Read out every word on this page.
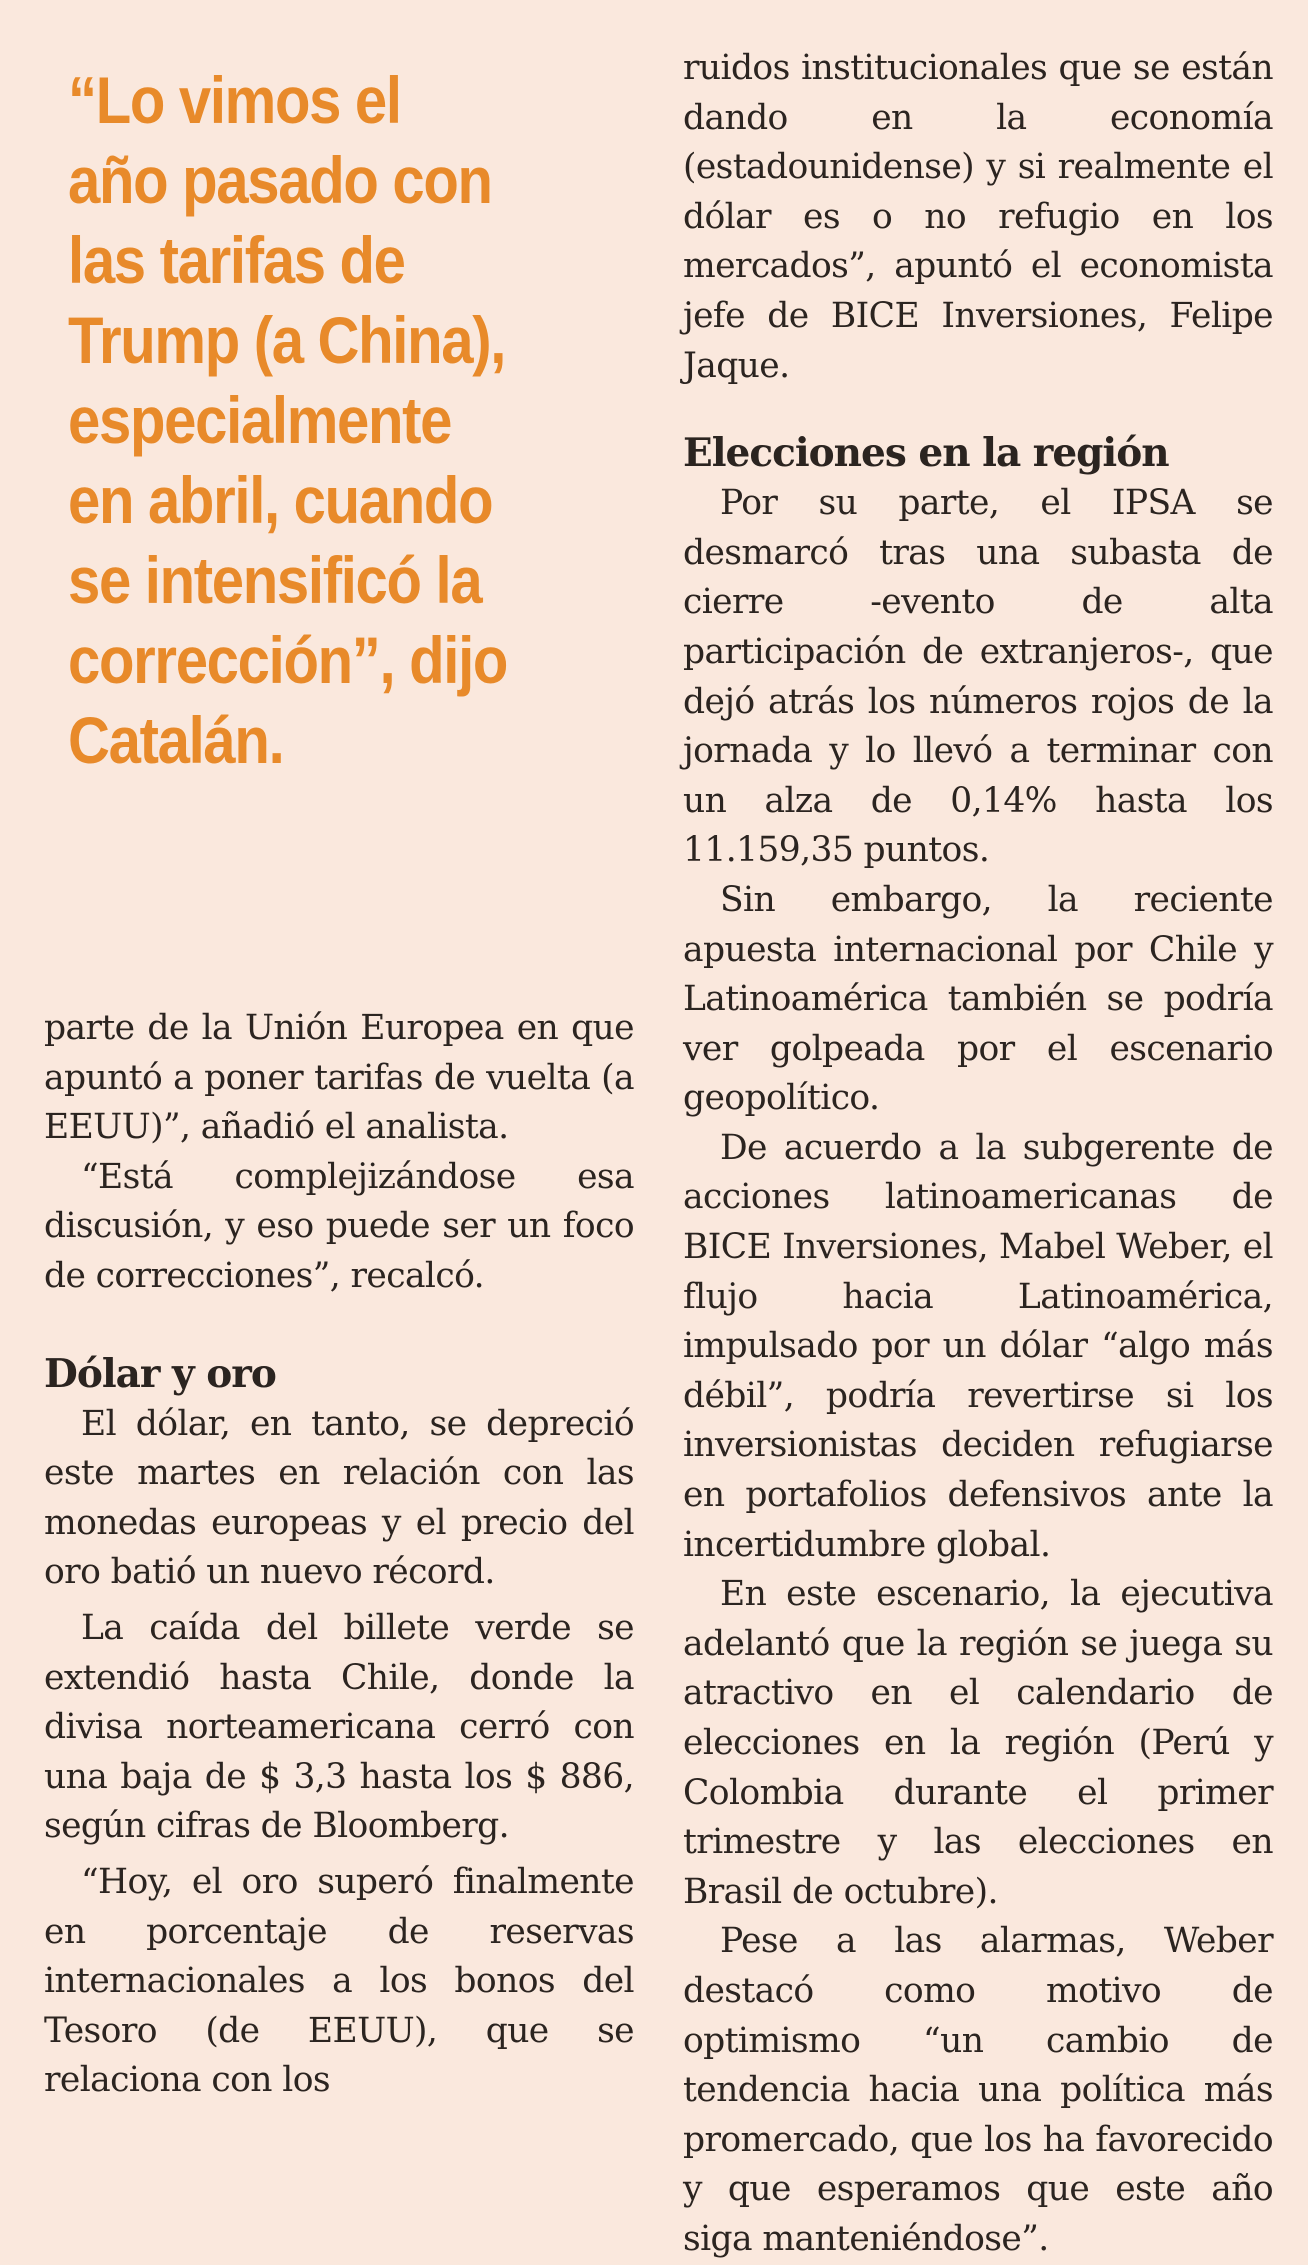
“Lo vimos el
año pasado con
las tarifas de
Trump (a China),
especialmente
en abril, cuando
se intensificó la
corrección”, dijo
Catalán.

parte de la Unión Europea en que apuntó a poner tarifas de vuelta (a EEUU)”, añadió el analista.

“Está complejizándose esa discusión, y eso puede ser un foco de correcciones”, recalcó.

Dólar y oro

El dólar, en tanto, se depreció este martes en relación con las monedas europeas y el precio del oro batió un nuevo récord.

La caída del billete verde se extendió hasta Chile, donde la divisa norteamericana cerró con una baja de $ 3,3 hasta los $ 886, según cifras de Bloomberg.

“Hoy, el oro superó finalmente en porcentaje de reservas internacionales a los bonos del Tesoro (de EEUU), que se relaciona con los

ruidos institucionales que se están dando en la economía (estadounidense) y si realmente el dólar es o no refugio en los mercados”, apuntó el economista jefe de BICE Inversiones, Felipe Jaque.

Elecciones en la región

Por su parte, el IPSA se desmarcó tras una subasta de cierre -evento de alta participación de extranjeros-, que dejó atrás los números rojos de la jornada y lo llevó a terminar con un alza de 0,14% hasta los 11.159,35 puntos.

Sin embargo, la reciente apuesta internacional por Chile y Latinoamérica también se podría ver golpeada por el escenario geopolítico.

De acuerdo a la subgerente de acciones latinoamericanas de BICE Inversiones, Mabel Weber, el flujo hacia Latinoamérica, impulsado por un dólar “algo más débil”, podría revertirse si los inversionistas deciden refugiarse en portafolios defensivos ante la incertidumbre global.

En este escenario, la ejecutiva adelantó que la región se juega su atractivo en el calendario de elecciones en la región (Perú y Colombia durante el primer trimestre y las elecciones en Brasil de octubre).

Pese a las alarmas, Weber destacó como motivo de optimismo “un cambio de tendencia hacia una política más promercado, que los ha favorecido y que esperamos que este año siga manteniéndose”.
